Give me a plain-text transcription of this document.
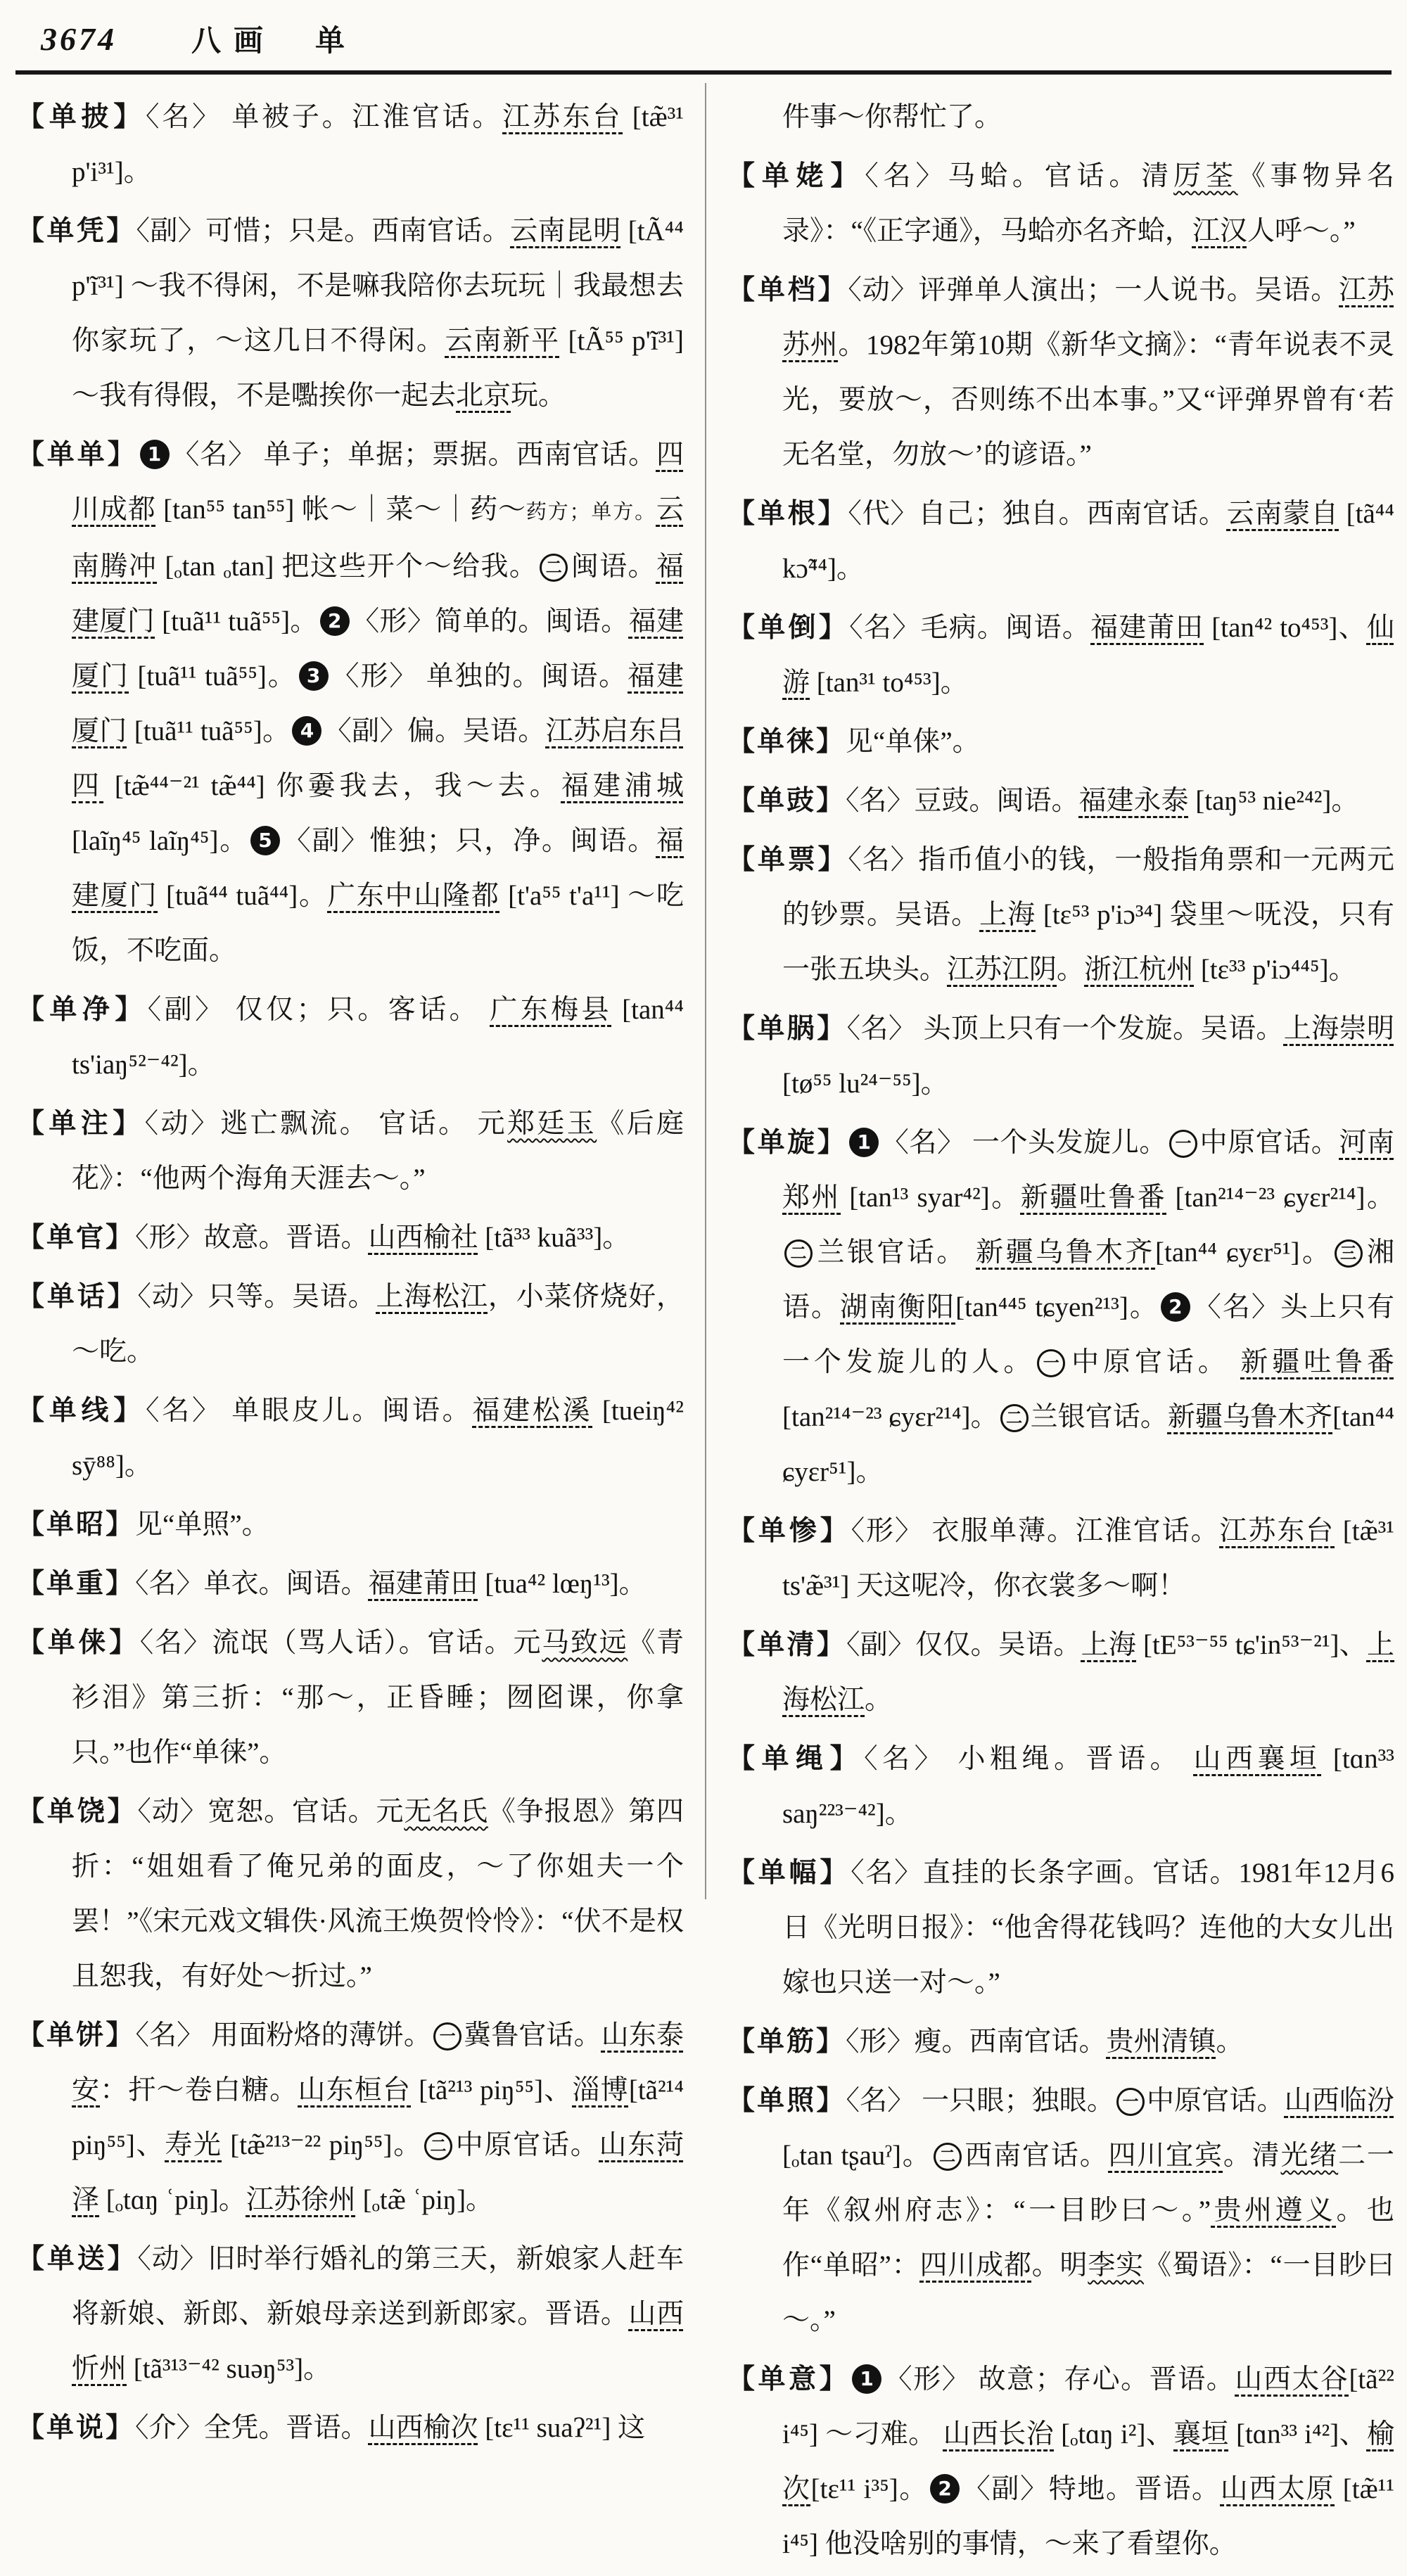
3674	八画 单
【单披】〈名〉 单被子。江淮官话。江苏东台 [tæ̃³¹ p'i³¹]。
【单凭】〈副〉可惜；只是。西南官话。云南昆明 [tÃ⁴⁴ p'ĩ³¹] ～我不得闲，不是嘛我陪你去玩玩｜我最想去你家玩了，～这几日不得闲。云南新平 [tÃ⁵⁵ p'ĩ³¹] ～我有得假，不是嚸挨你一起去北京玩。
【单单】 1 〈名〉 单子；单据；票据。西南官话。四川成都 [tan⁵⁵ tan⁵⁵] 帐～｜菜～｜药～药方；单方。云南腾冲 [ₒtan ₒtan] 把这些开个～给我。 二 闽语。福建厦门 [tuã¹¹ tuã⁵⁵]。 2 〈形〉简单的。闽语。福建厦门 [tuã¹¹ tuã⁵⁵]。 3 〈形〉 单独的。闽语。福建厦门 [tuã¹¹ tuã⁵⁵]。 4 〈副〉偏。吴语。江苏启东吕四 [tæ̃⁴⁴⁻²¹ tæ̃⁴⁴] 你嫑我去，我～去。福建浦城[laĩŋ⁴⁵ laĩŋ⁴⁵]。 5 〈副〉惟独；只，净。闽语。福建厦门 [tuã⁴⁴ tuã⁴⁴]。广东中山隆都 [t'a⁵⁵ t'a¹¹] ～吃饭，不吃面。
【单净】〈副〉 仅仅；只。客话。 广东梅县 [tan⁴⁴ ts'iaŋ⁵²⁻⁴²]。
【单注】〈动〉逃亡飘流。 官话。 元郑廷玉《后庭花》：“他两个海角天涯去～。”
【单官】〈形〉故意。晋语。山西榆社 [tã³³ kuã³³]。
【单话】〈动〉只等。吴语。上海松江，小菜侪烧好，～吃。
【单线】〈名〉 单眼皮儿。闽语。福建松溪 [tueiŋ⁴² sȳ⁸⁸]。
【单昭】见“单照”。
【单重】〈名〉单衣。闽语。福建莆田 [tua⁴² lœŋ¹³]。
【单俫】〈名〉流氓（骂人话）。官话。元马致远《青衫泪》第三折：“那～，正昏睡；囫囵课，你拿只。”也作“单徕”。
【单饶】〈动〉宽恕。官话。元无名氏《争报恩》第四折：“姐姐看了俺兄弟的面皮，～了你姐夫一个罢！”《宋元戏文辑佚·风流王焕贺怜怜》：“伏不是权且恕我，有好处～折过。”
【单饼】〈名〉 用面粉烙的薄饼。 一 冀鲁官话。山东泰安：扞～卷白糖。山东桓台 [tã²¹³ piŋ⁵⁵]、淄博[tã²¹⁴ piŋ⁵⁵]、寿光 [tæ̃²¹³⁻²² piŋ⁵⁵]。 二 中原官话。山东菏泽 [ₒtɑŋ ʿpiŋ]。江苏徐州 [ₒtæ̃ ʿpiŋ]。
【单送】〈动〉旧时举行婚礼的第三天，新娘家人赶车将新娘、新郎、新娘母亲送到新郎家。晋语。山西忻州 [tã³¹³⁻⁴² suəŋ⁵³]。
【单说】〈介〉全凭。晋语。山西榆次 [tɛ¹¹ suaʔ²¹] 这
件事～你帮忙了。
【单姥】〈名〉马蛤。官话。清厉荃《事物异名录》：“《正字通》，马蛤亦名齐蛤，江汉人呼～。”
【单档】〈动〉评弹单人演出；一人说书。吴语。江苏苏州。1982年第10期《新华文摘》：“青年说表不灵光，要放～，否则练不出本事。”又“评弹界曾有‘若无名堂，勿放～’的谚语。”
【单根】〈代〉自己；独自。西南官话。云南蒙自 [tã⁴⁴ kɔ̃⁴⁴]。
【单倒】〈名〉毛病。闽语。福建莆田 [tan⁴² to⁴⁵³]、仙游 [tan³¹ to⁴⁵³]。
【单徕】见“单俫”。
【单豉】〈名〉豆豉。闽语。福建永泰 [taŋ⁵³ nie²⁴²]。
【单票】〈名〉指币值小的钱，一般指角票和一元两元的钞票。吴语。上海 [tɛ⁵³ p'iɔ³⁴] 袋里～呒没，只有一张五块头。江苏江阴。浙江杭州 [tɛ³³ p'iɔ⁴⁴⁵]。
【单脶】〈名〉 头顶上只有一个发旋。吴语。上海崇明 [tø⁵⁵ lu²⁴⁻⁵⁵]。
【单旋】 1 〈名〉 一个头发旋儿。 一 中原官话。河南郑州 [tan¹³ syar⁴²]。新疆吐鲁番 [tan²¹⁴⁻²³ ɕyɛr²¹⁴]。二 兰银官话。 新疆乌鲁木齐[tan⁴⁴ ɕyɛr⁵¹]。 三 湘语。湖南衡阳[tan⁴⁴⁵ tɕyen²¹³]。 2 〈名〉头上只有一个发旋儿的人。 一 中原官话。 新疆吐鲁番 [tan²¹⁴⁻²³ ɕyɛr²¹⁴]。 二 兰银官话。新疆乌鲁木齐[tan⁴⁴ ɕyɛr⁵¹]。
【单惨】〈形〉 衣服单薄。江淮官话。江苏东台 [tæ̃³¹ ts'æ̃³¹] 天这呢冷，你衣裳多～啊！
【单清】〈副〉仅仅。吴语。上海 [tE⁵³⁻⁵⁵ tɕ'in⁵³⁻²¹]、上海松江。
【单绳】〈名〉 小粗绳。晋语。 山西襄垣 [tɑn³³ saŋ²²³⁻⁴²]。
【单幅】〈名〉直挂的长条字画。官话。1981年12月6日《光明日报》：“他舍得花钱吗？连他的大女儿出嫁也只送一对～。”
【单筋】〈形〉瘦。西南官话。贵州清镇。
【单照】〈名〉 一只眼；独眼。 一 中原官话。山西临汾 [ₒtan tʂauˀ]。 二 西南官话。四川宜宾。清光绪二一年《叙州府志》：“一目眇曰～。”贵州遵义。也作“单昭”：四川成都。明李实《蜀语》：“一目眇曰～。”
【单意】 1 〈形〉 故意；存心。晋语。山西太谷[tã²² i⁴⁵] ～刁难。 山西长治 [ₒtɑŋ i²]、襄垣 [tɑn³³ i⁴²]、榆次[tɛ¹¹ i³⁵]。 2 〈副〉特地。晋语。山西太原 [tæ̃¹¹ i⁴⁵] 他没啥别的事情，～来了看望你。
